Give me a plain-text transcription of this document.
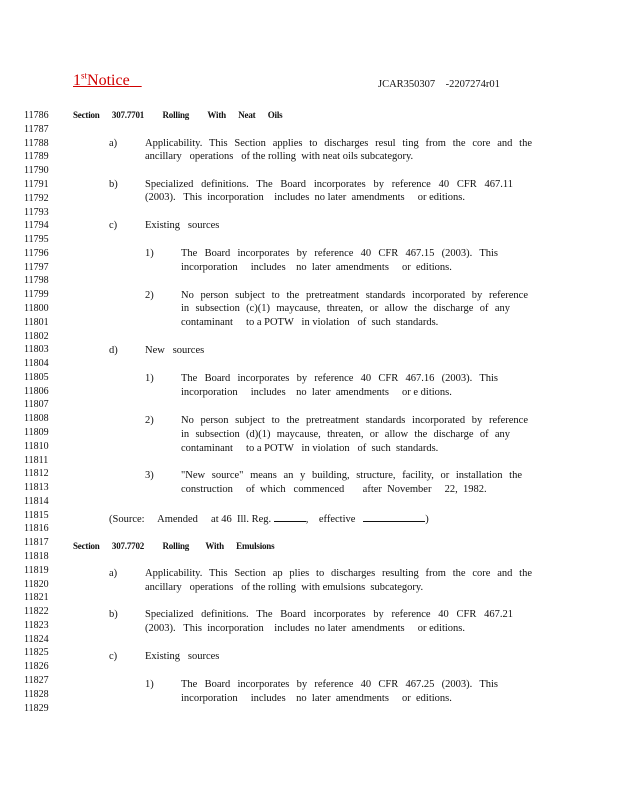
1stNotice	JCAR350307    -2207274r01
11786
11787
11788
11789
11790
11791
11792
11793
11794
11795
11796
11797
11798
11799
11800
11801
11802
11803
11804
11805
11806
11807
11808
11809
11810
11811
11812
11813
11814
11815
11816
11817
11818
11819
11820
11821
11822
11823
11824
11825
11826
11827
11828
11829
Section      307.7701         Rolling         With      Neat      Oils
a)	Applicability. This Section applies to discharges resul ting from the core and the
ancillary   operations   of the rolling  with neat oils subcategory.
b)	Specialized definitions. The Board incorporates by reference 40 CFR 467.11
(2003).   This  incorporation    includes  no later  amendments     or editions.
c)	Existing   sources
1)	The Board incorporates by reference 40 CFR 467.15 (2003). This
incorporation     includes    no  later  amendments     or  editions.
2)	No person subject to the pretreatment standards incorporated by reference
in subsection (c)(1) maycause, threaten, or allow the discharge of any
contaminant     to a POTW   in violation   of  such  standards.
d)	New   sources
1)	The Board incorporates by reference 40 CFR 467.16 (2003). This
incorporation     includes    no  later  amendments     or e ditions.
2)	No person subject to the pretreatment standards incorporated by reference
in subsection (d)(1) maycause, threaten, or allow the discharge of any
contaminant     to a POTW   in violation   of  such  standards.
3)	"New source" means an y building, structure, facility, or installation the
construction     of  which   commenced       after  November     22,  1982.
(Source:     Amended     at 46  Ill. Reg.	,    effective	)
Section      307.7702         Rolling        With      Emulsions
a)	Applicability. This Section ap plies to discharges resulting from the core and the
ancillary   operations   of the rolling  with emulsions  subcategory.
b)	Specialized definitions. The Board incorporates by reference 40 CFR 467.21
(2003).   This  incorporation    includes  no later  amendments     or editions.
c)	Existing   sources
1)	The Board incorporates by reference 40 CFR 467.25 (2003). This
incorporation     includes    no  later  amendments     or  editions.
